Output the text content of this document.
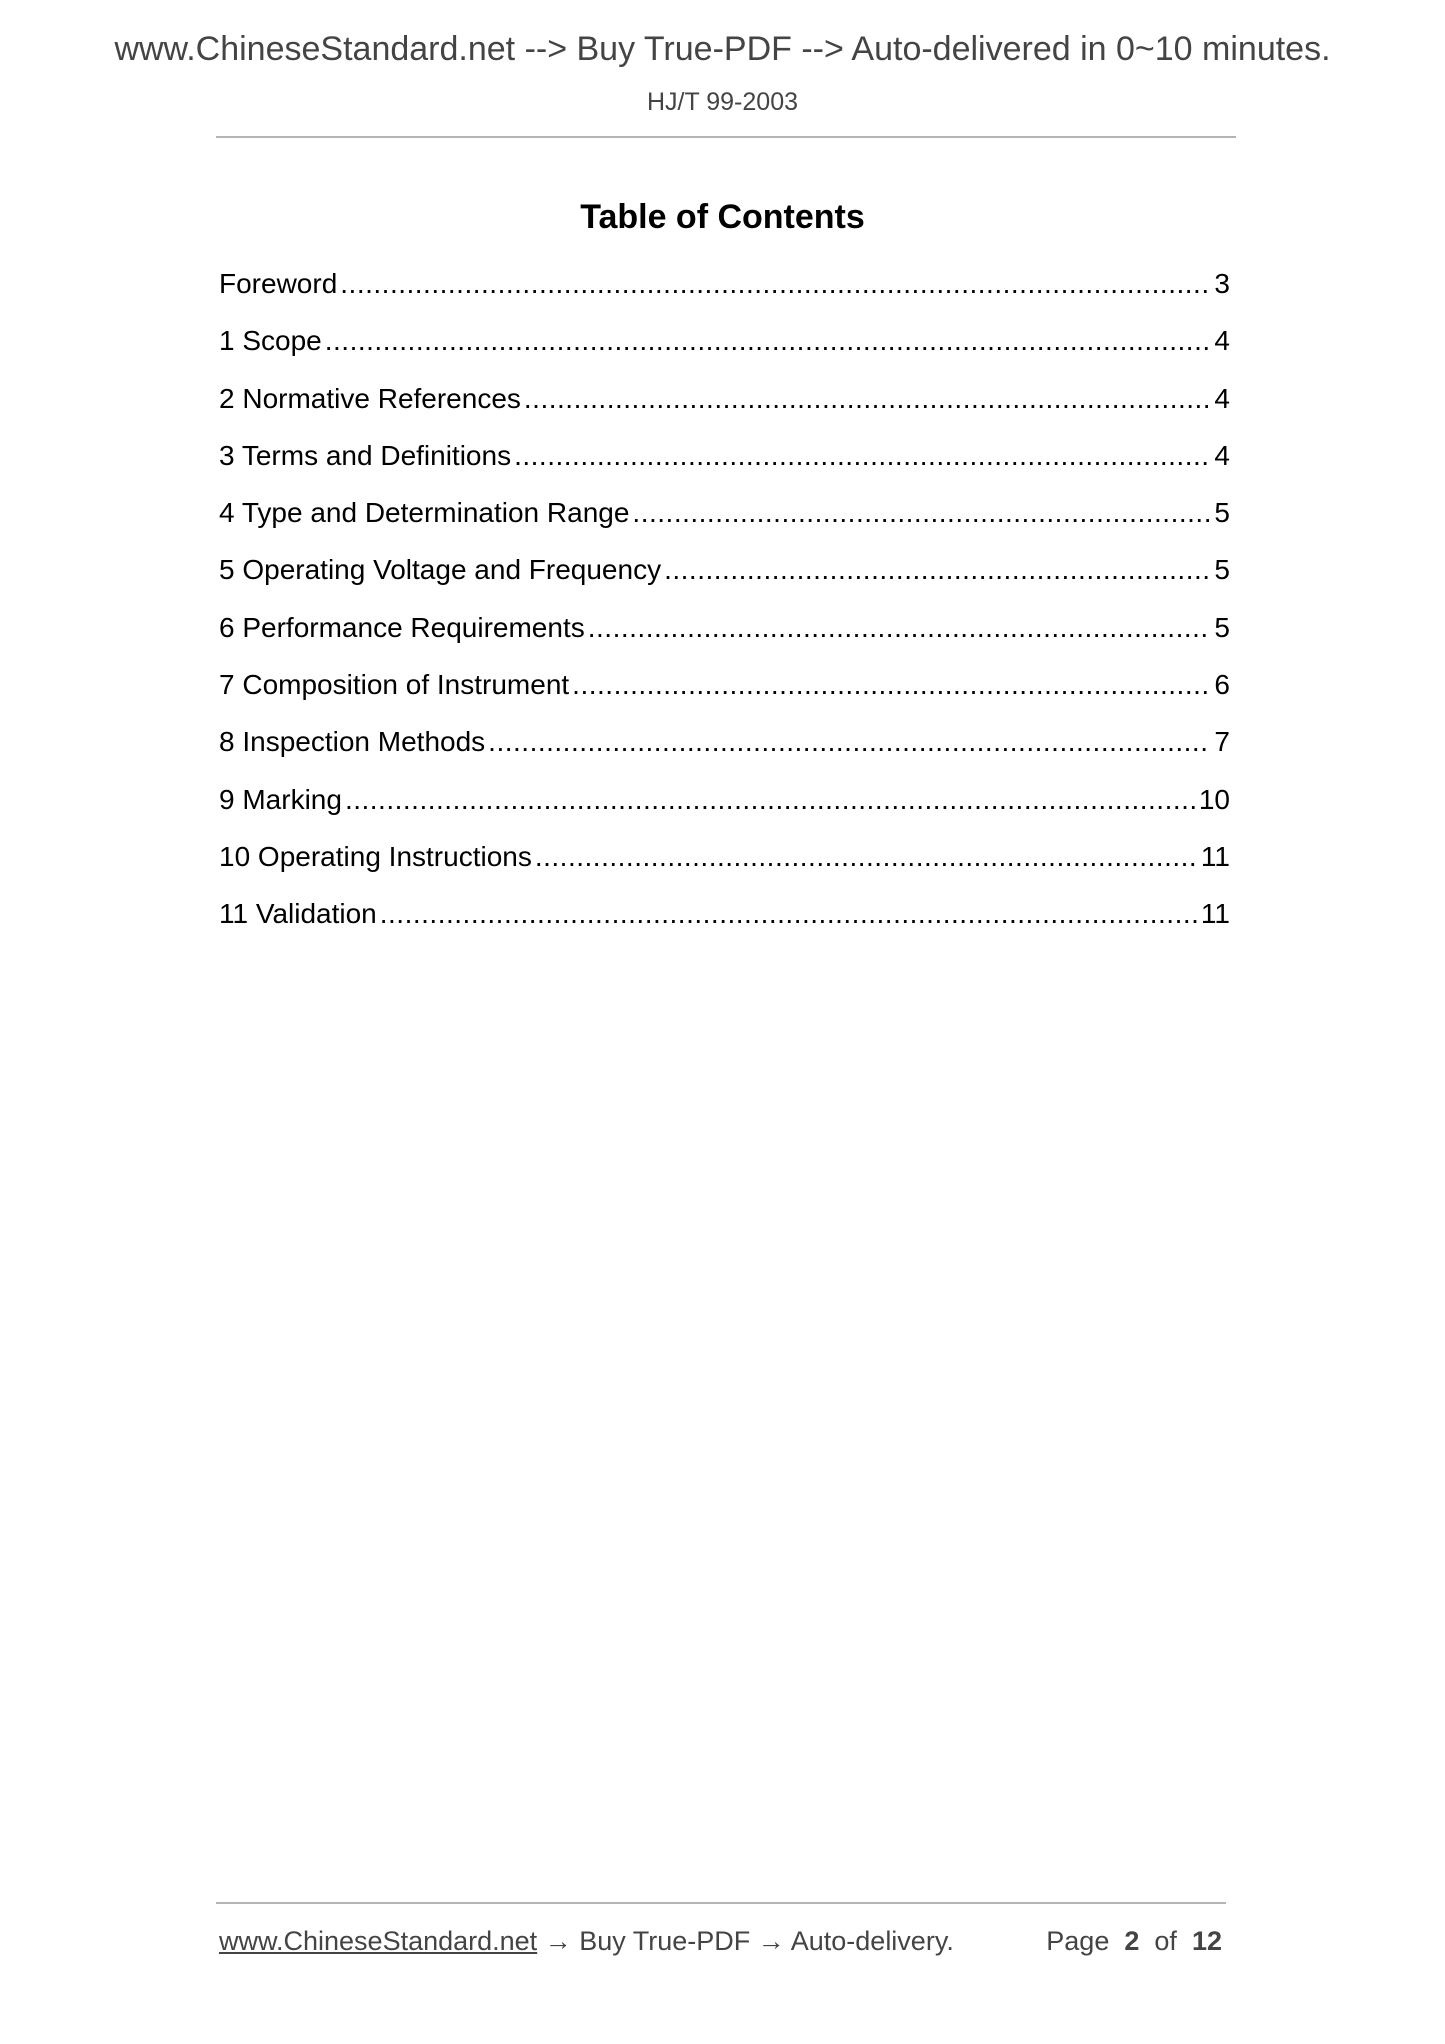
www.ChineseStandard.net --> Buy True-PDF --> Auto-delivered in 0~10 minutes.
HJ/T 99-2003
Table of Contents
Foreword .....	3
1 Scope .....	4
2 Normative References .....	4
3 Terms and Definitions .....	4
4 Type and Determination Range .....	5
5 Operating Voltage and Frequency .....	5
6 Performance Requirements .....	5
7 Composition of Instrument .....	6
8 Inspection Methods .....	7
9 Marking .....	10
10 Operating Instructions .....	11
11 Validation .....	11
www.ChineseStandard.net → Buy True-PDF → Auto-delivery.	Page 2 of 12
